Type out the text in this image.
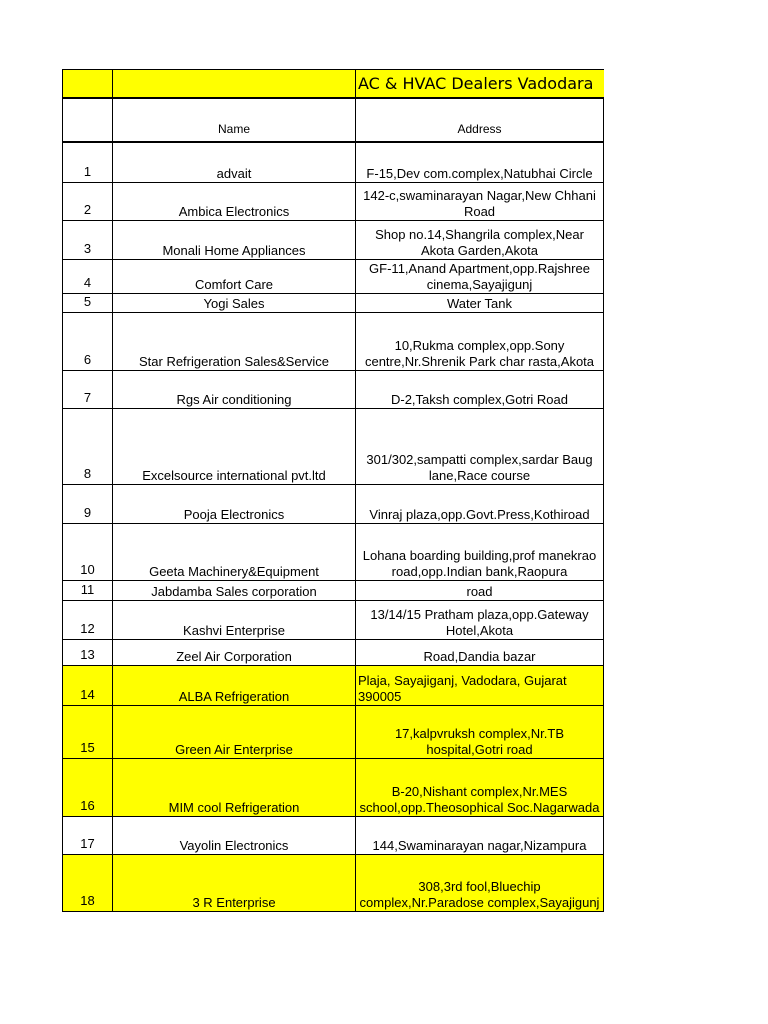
		AC & HVAC Dealers Vadodara
	Name	Address
1	advait	F-15,Dev com.complex,Natubhai Circle
2	Ambica Electronics	142-c,swaminarayan Nagar,New Chhani Road
3	Monali Home Appliances	Shop no.14,Shangrila complex,Near Akota Garden,Akota
4	Comfort Care	GF-11,Anand Apartment,opp.Rajshree cinema,Sayajigunj
5	Yogi Sales	Water Tank
6	Star Refrigeration Sales&Service	10,Rukma complex,opp.Sony centre,Nr.Shrenik Park char rasta,Akota
7	Rgs Air conditioning	D-2,Taksh complex,Gotri Road
8	Excelsource international pvt.ltd	301/302,sampatti complex,sardar Baug lane,Race course
9	Pooja Electronics	Vinraj plaza,opp.Govt.Press,Kothiroad
10	Geeta Machinery&Equipment	Lohana boarding building,prof manekrao road,opp.Indian bank,Raopura
11	Jabdamba Sales corporation	road
12	Kashvi Enterprise	13/14/15 Pratham plaza,opp.Gateway Hotel,Akota
13	Zeel Air Corporation	Road,Dandia bazar
14	ALBA Refrigeration	Plaja, Sayajiganj, Vadodara, Gujarat 390005
15	Green Air Enterprise	17,kalpvruksh complex,Nr.TB hospital,Gotri road
16	MIM cool Refrigeration	B-20,Nishant complex,Nr.MES school,opp.Theosophical Soc.Nagarwada
17	Vayolin Electronics	144,Swaminarayan nagar,Nizampura
18	3 R Enterprise	308,3rd fool,Bluechip complex,Nr.Paradose complex,Sayajigunj
